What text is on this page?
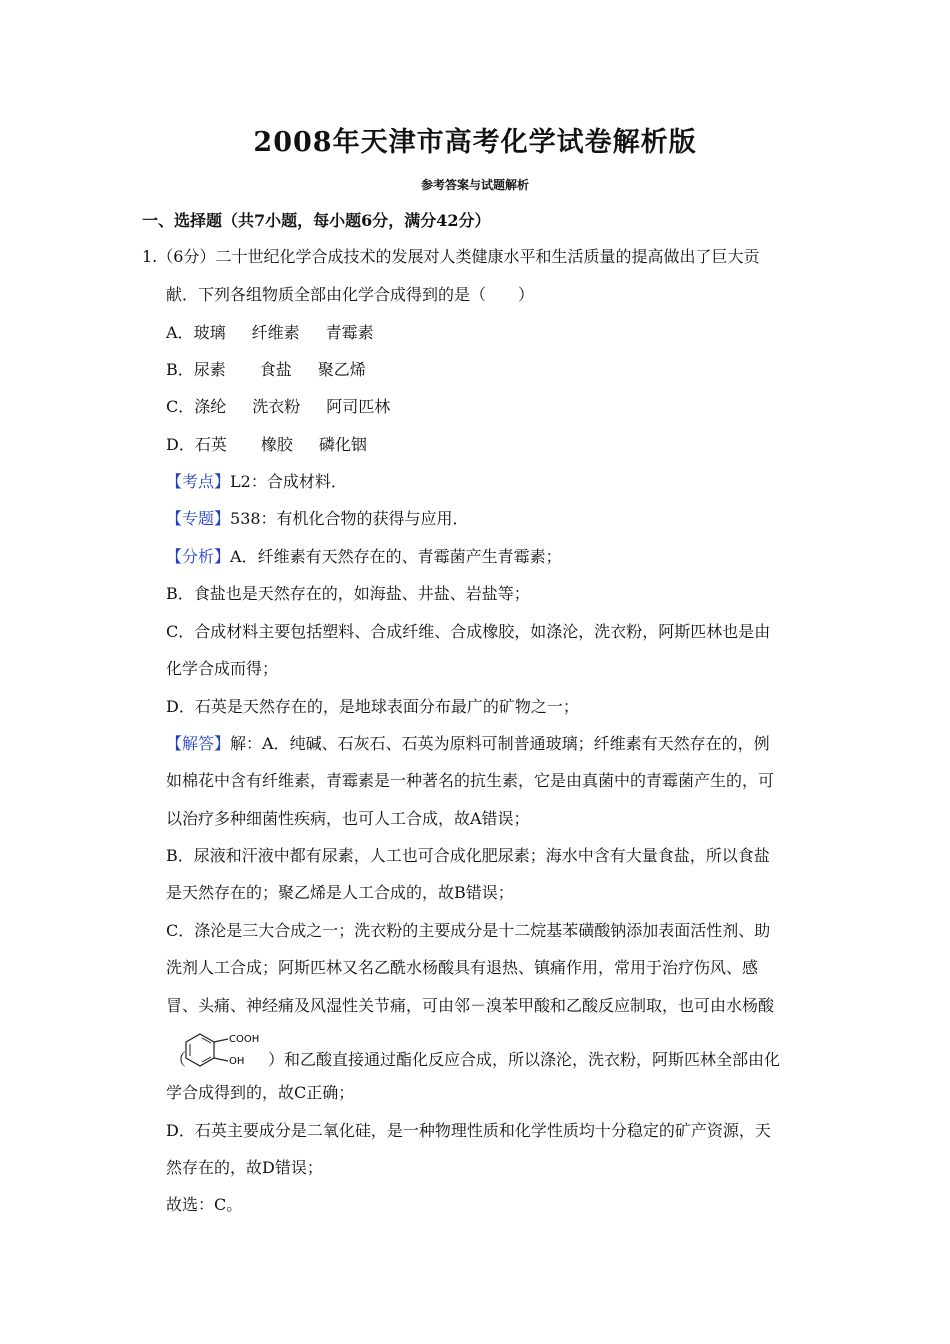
2008年天津市高考化学试卷解析版
参考答案与试题解析
一、选择题（共7小题，每小题6分，满分42分）
1.（6分）二十世纪化学合成技术的发展对人类健康水平和生活质量的提高做出了巨大贡
献．下列各组物质全部由化学合成得到的是（　　）
A．玻璃 纤维素 青霉素
B．尿素 食盐 聚乙烯
C．涤纶 洗衣粉 阿司匹林
D．石英 橡胶 磷化铟
【考点】L2：合成材料．
【专题】538：有机化合物的获得与应用．
【分析】A．纤维素有天然存在的、青霉菌产生青霉素；
B．食盐也是天然存在的，如海盐、井盐、岩盐等；
C．合成材料主要包括塑料、合成纤维、合成橡胶，如涤沦，洗衣粉，阿斯匹林也是由
化学合成而得；
D．石英是天然存在的，是地球表面分布最广的矿物之一；
【解答】解：A．纯碱、石灰石、石英为原料可制普通玻璃；纤维素有天然存在的，例
如棉花中含有纤维素，青霉素是一种著名的抗生素，它是由真菌中的青霉菌产生的，可
以治疗多种细菌性疾病，也可人工合成，故A错误；
B．尿液和汗液中都有尿素，人工也可合成化肥尿素；海水中含有大量食盐，所以食盐
是天然存在的；聚乙烯是人工合成的，故B错误；
C．涤沦是三大合成之一；洗衣粉的主要成分是十二烷基苯磺酸钠添加表面活性剂、助
洗剂人工合成；阿斯匹林又名乙酰水杨酸具有退热、镇痛作用，常用于治疗伤风、感
冒、头痛、神经痛及风湿性关节痛，可由邻－溴苯甲酸和乙酸反应制取，也可由水杨酸
（
COOH
OH ）和乙酸直接通过酯化反应合成，所以涤沦，洗衣粉，阿斯匹林全部由化
学合成得到的，故C正确；
D．石英主要成分是二氧化硅，是一种物理性质和化学性质均十分稳定的矿产资源，天
然存在的，故D错误；
故选：C。
